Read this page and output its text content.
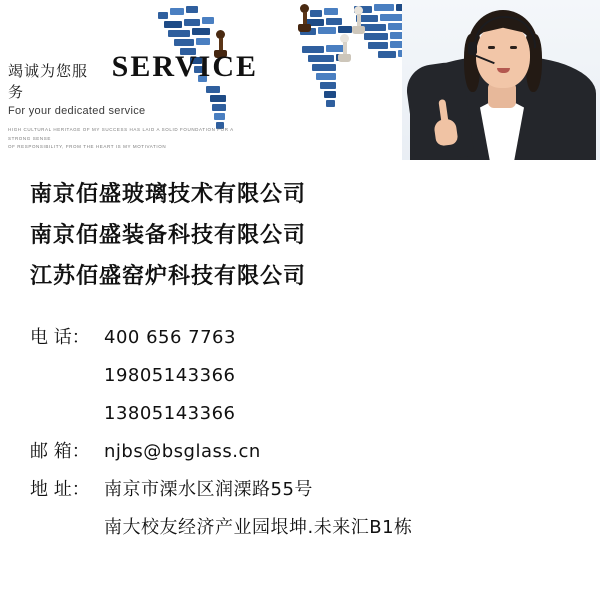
竭诚为您服务
SERVICE
For your dedicated service
HIGH CULTURAL HERITAGE OF MY SUCCESS HAS LAID A SOLID FOUNDATION FOR A STRONG SENSE
OF RESPONSIBILITY, FROM THE HEART IS MY MOTIVATION
南京佰盛玻璃技术有限公司
南京佰盛装备科技有限公司
江苏佰盛窑炉科技有限公司
电 话： 400 656 7763
19805143366
13805143366
邮 箱： njbs@bsglass.cn
地 址： 南京市溧水区润溧路55号
南大校友经济产业园垠坤.未来汇B1栋
